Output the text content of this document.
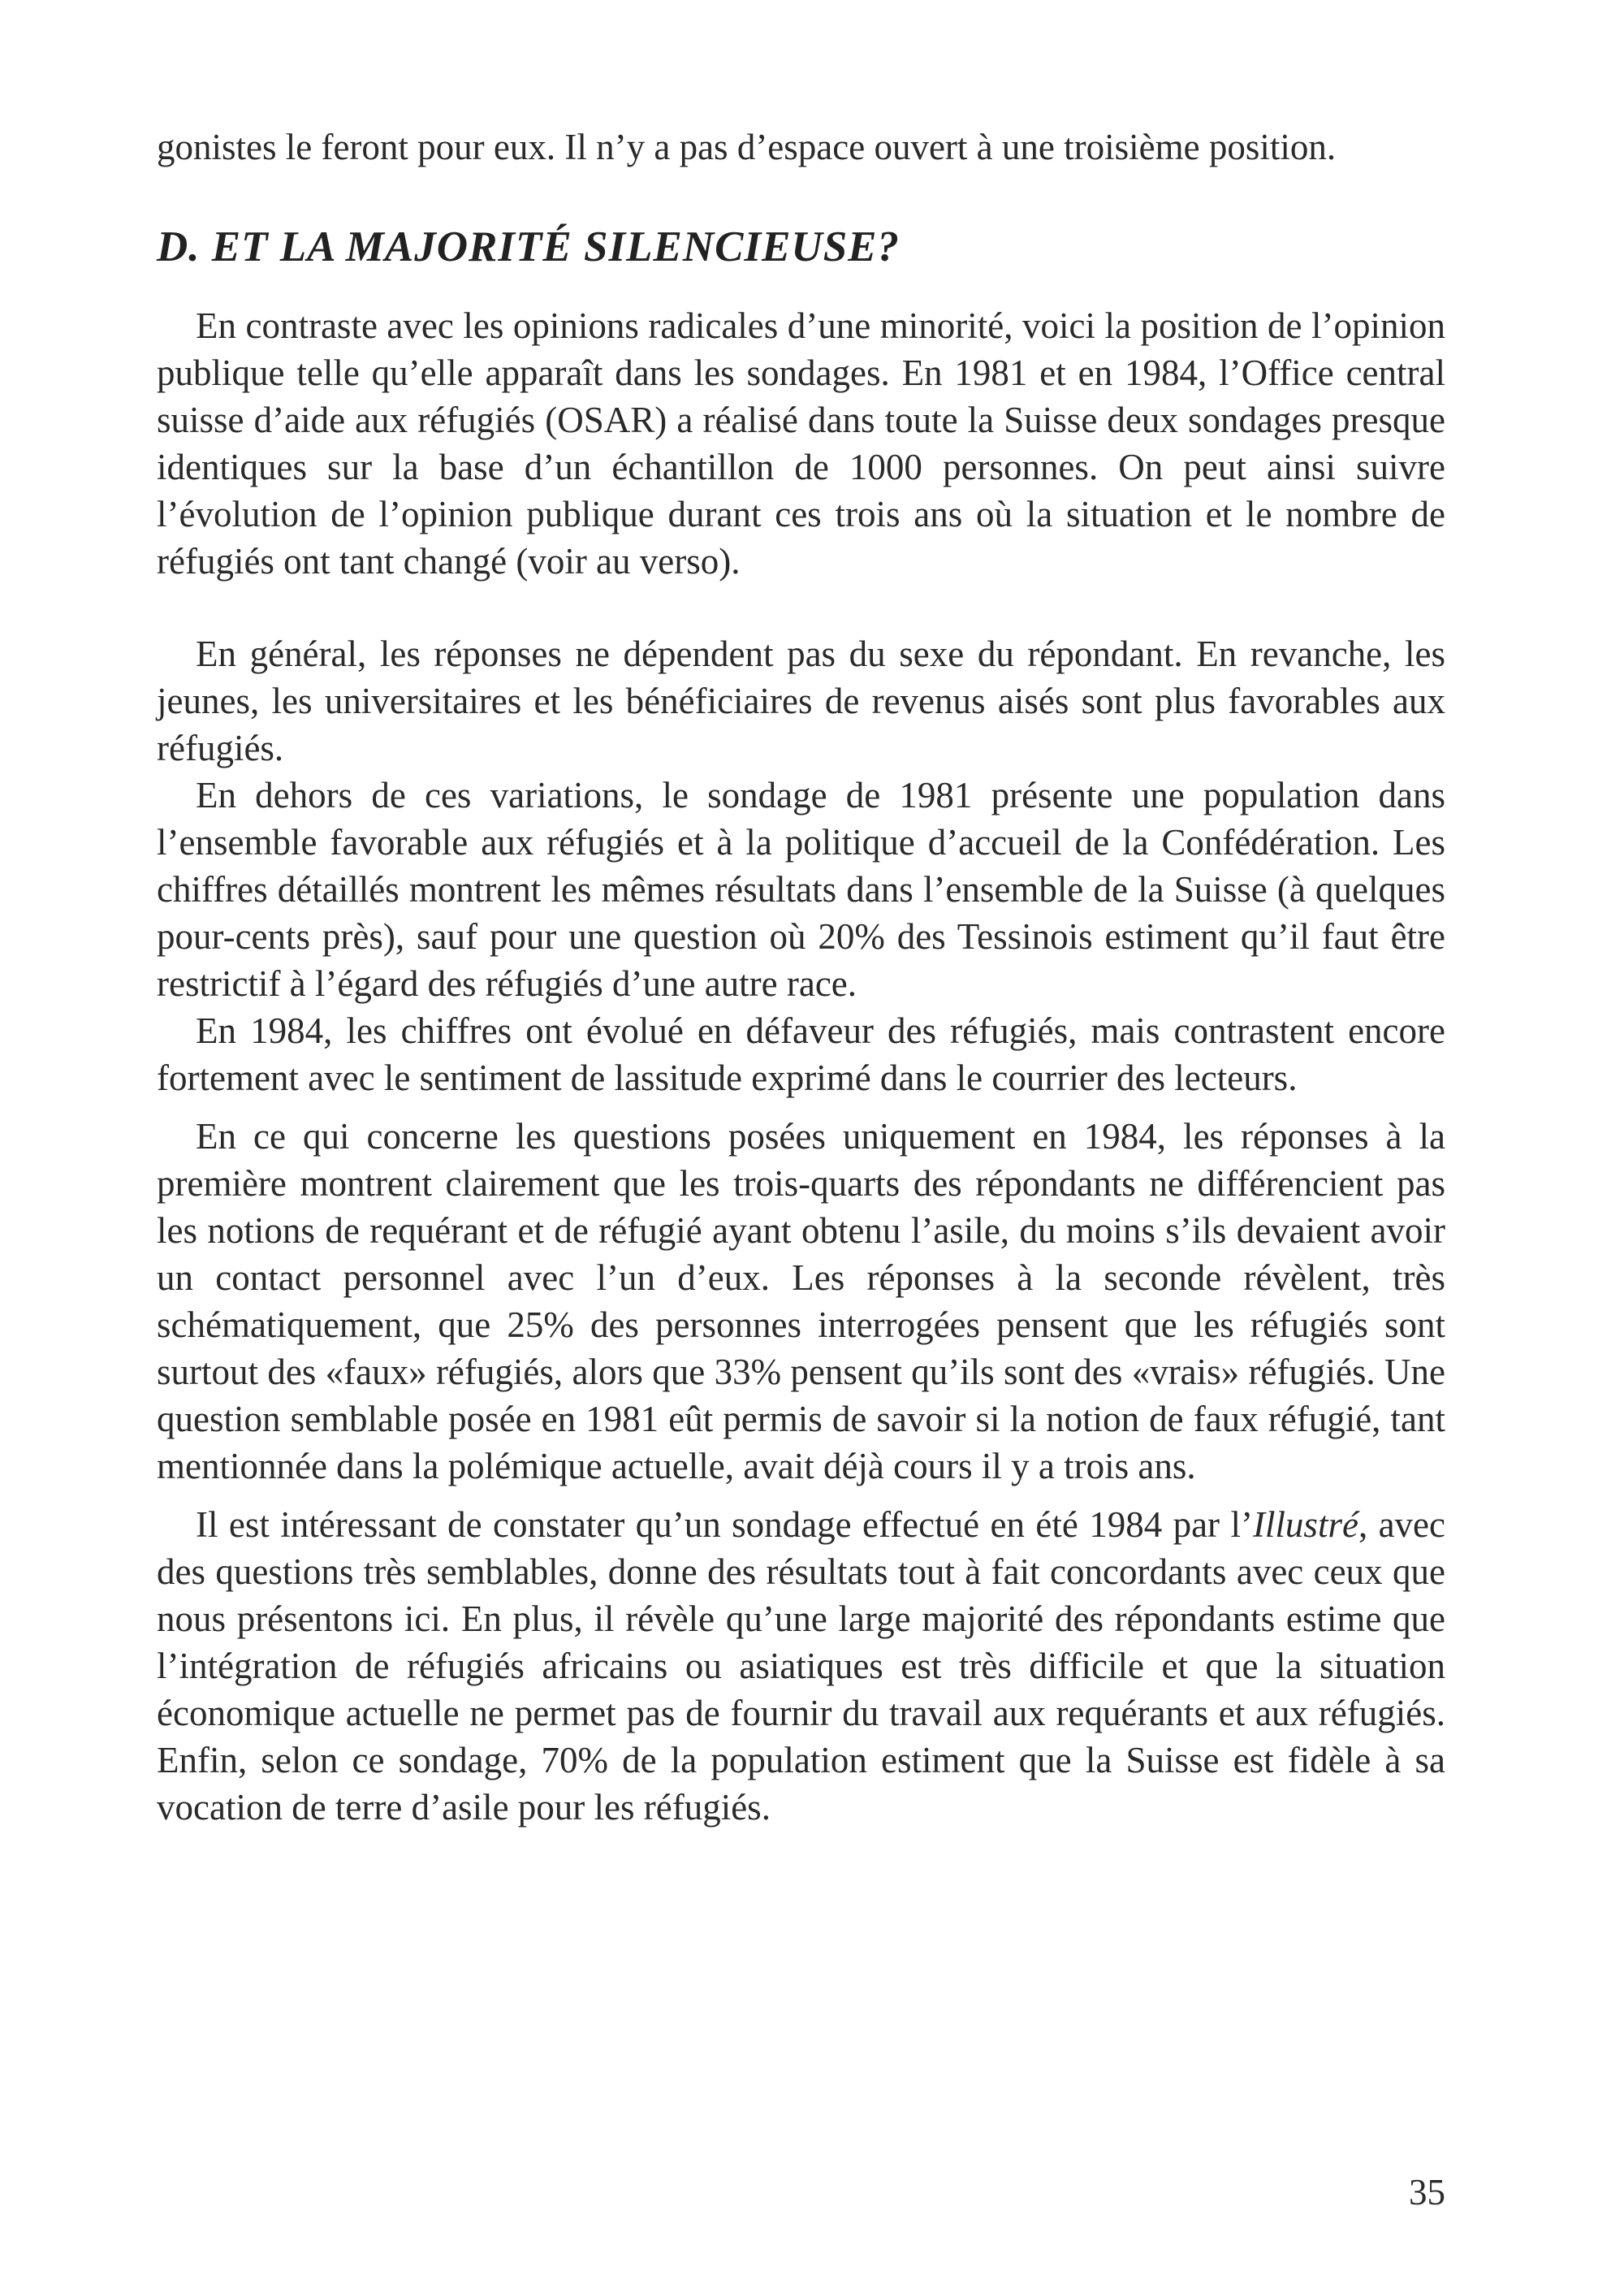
gonistes le feront pour eux. Il n’y a pas d’espace ouvert à une troisième position.

D. ET LA MAJORITÉ SILENCIEUSE?

En contraste avec les opinions radicales d’une minorité, voici la position de l’opinion publique telle qu’elle apparaît dans les sondages. En 1981 et en 1984, l’Office central suisse d’aide aux réfugiés (OSAR) a réalisé dans toute la Suisse deux sondages presque identiques sur la base d’un échantillon de 1000 personnes. On peut ainsi suivre l’évolution de l’opinion publique durant ces trois ans où la situation et le nombre de réfugiés ont tant changé (voir au verso).

En général, les réponses ne dépendent pas du sexe du répondant. En revanche, les jeunes, les universitaires et les bénéficiaires de revenus aisés sont plus favorables aux réfugiés.

En dehors de ces variations, le sondage de 1981 présente une population dans l’ensemble favorable aux réfugiés et à la politique d’accueil de la Confédération. Les chiffres détaillés montrent les mêmes résultats dans l’ensemble de la Suisse (à quelques pour-cents près), sauf pour une question où 20% des Tessinois estiment qu’il faut être restrictif à l’égard des réfugiés d’une autre race.

En 1984, les chiffres ont évolué en défaveur des réfugiés, mais contrastent encore fortement avec le sentiment de lassitude exprimé dans le courrier des lecteurs.

En ce qui concerne les questions posées uniquement en 1984, les réponses à la première montrent clairement que les trois-quarts des répondants ne différencient pas les notions de requérant et de réfugié ayant obtenu l’asile, du moins s’ils devaient avoir un contact personnel avec l’un d’eux. Les réponses à la seconde révèlent, très schématiquement, que 25% des personnes interrogées pensent que les réfugiés sont surtout des «faux» réfugiés, alors que 33% pensent qu’ils sont des «vrais» réfugiés. Une question semblable posée en 1981 eût permis de savoir si la notion de faux réfugié, tant mentionnée dans la polémique actuelle, avait déjà cours il y a trois ans.

Il est intéressant de constater qu’un sondage effectué en été 1984 par l’Illustré, avec des questions très semblables, donne des résultats tout à fait concordants avec ceux que nous présentons ici. En plus, il révèle qu’une large majorité des répondants estime que l’intégration de réfugiés africains ou asiatiques est très difficile et que la situation économique actuelle ne permet pas de fournir du travail aux requérants et aux réfugiés. Enfin, selon ce sondage, 70% de la population estiment que la Suisse est fidèle à sa vocation de terre d’asile pour les réfugiés.

35
